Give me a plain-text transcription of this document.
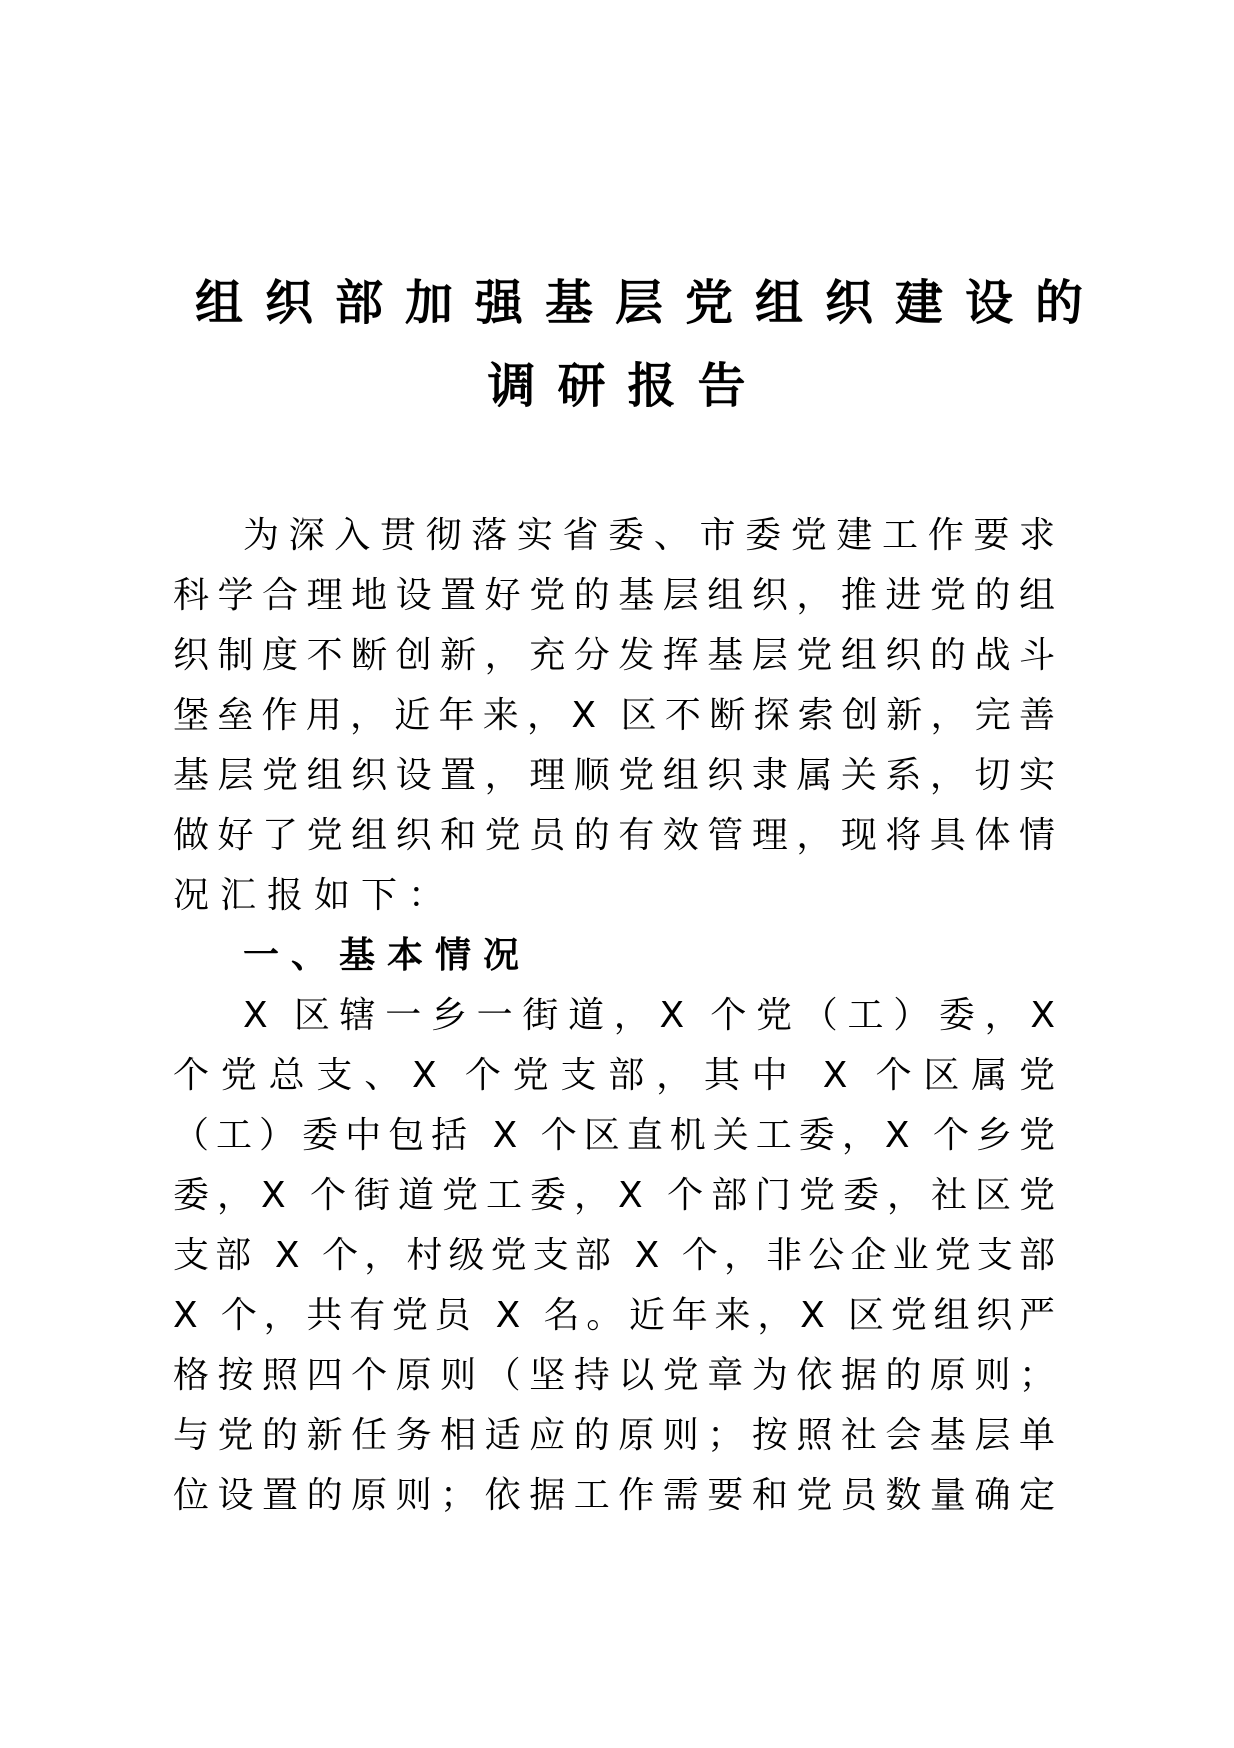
组织部加强基层党组织建设的
调研报告
为深入贯彻落实省委、市委党建工作要求
科学合理地设置好党的基层组织，推进党的组
织制度不断创新，充分发挥基层党组织的战斗
堡垒作用，近年来，X 区不断探索创新，完善
基层党组织设置，理顺党组织隶属关系，切实
做好了党组织和党员的有效管理，现将具体情
况汇报如下：
一、基本情况
X 区辖一乡一街道，X 个党（工）委，X
个党总支、X 个党支部，其中 X 个区属党
（工）委中包括 X 个区直机关工委，X 个乡党
委，X 个街道党工委，X 个部门党委，社区党
支部 X 个，村级党支部 X 个，非公企业党支部
X 个，共有党员 X 名。近年来，X 区党组织严
格按照四个原则（坚持以党章为依据的原则；
与党的新任务相适应的原则；按照社会基层单
位设置的原则；依据工作需要和党员数量确定
